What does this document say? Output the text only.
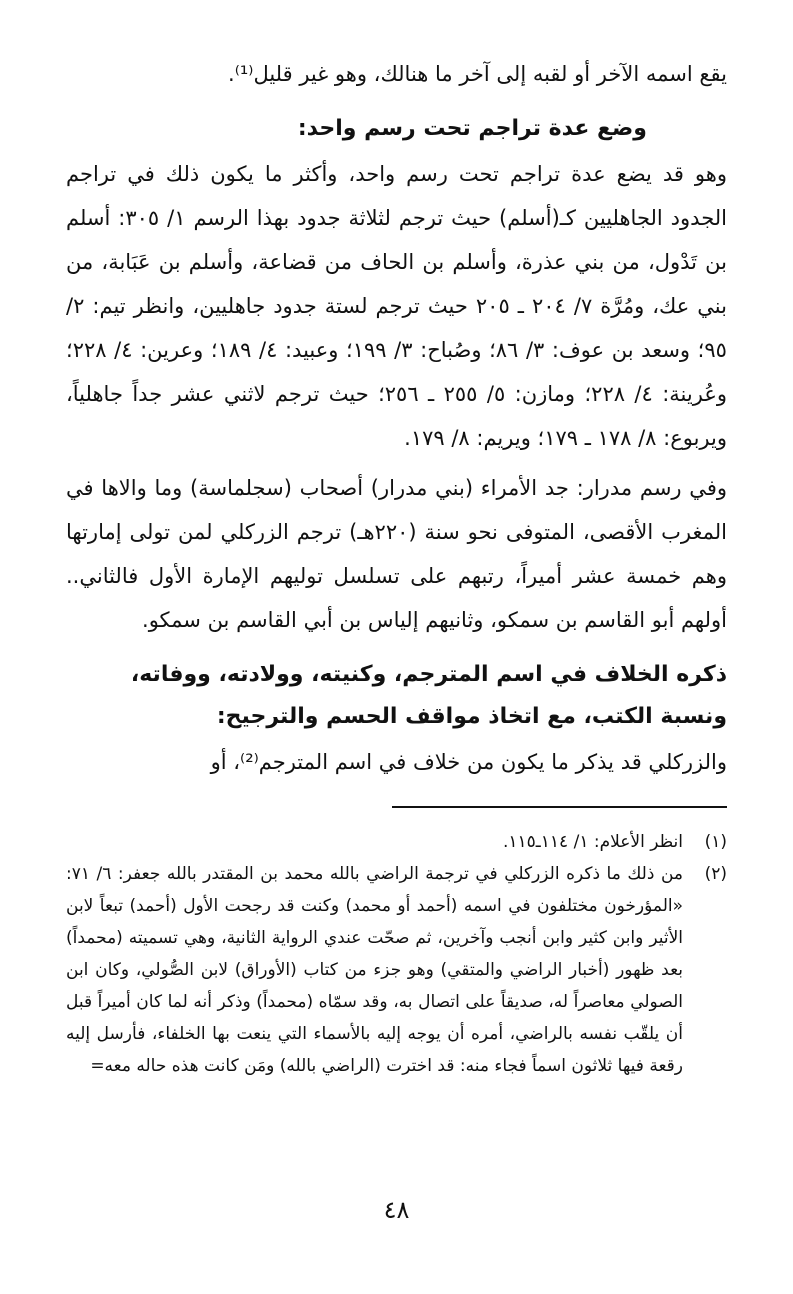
يقع اسمه الآخر أو لقبه إلى آخر ما هنالك، وهو غير قليل⁽¹⁾.

وضع عدة تراجم تحت رسم واحد:

وهو قد يضع عدة تراجم تحت رسم واحد، وأكثر ما يكون ذلك في تراجم الجدود الجاهليين كـ(أسلم) حيث ترجم لثلاثة جدود بهذا الرسم ١/ ٣٠٥: أسلم بن تَدْول، من بني عذرة، وأسلم بن الحاف من قضاعة، وأسلم بن عَبَابة، من بني عك، ومُرَّة ٧/ ٢٠٤ ـ ٢٠٥ حيث ترجم لستة جدود جاهليين، وانظر تيم: ٢/ ٩٥؛ وسعد بن عوف: ٣/ ٨٦؛ وصُباح: ٣/ ١٩٩؛ وعبيد: ٤/ ١٨٩؛ وعرين: ٤/ ٢٢٨؛ وعُرينة: ٤/ ٢٢٨؛ ومازن: ٥/ ٢٥٥ ـ ٢٥٦؛ حيث ترجم لاثني عشر جداً جاهلياً، ويربوع: ٨/ ١٧٨ ـ ١٧٩؛ ويريم: ٨/ ١٧٩.

وفي رسم مدرار: جد الأمراء (بني مدرار) أصحاب (سجلماسة) وما والاها في المغرب الأقصى، المتوفى نحو سنة (٢٢٠هـ) ترجم الزركلي لمن تولى إمارتها وهم خمسة عشر أميراً، رتبهم على تسلسل توليهم الإمارة الأول فالثاني.. أولهم أبو القاسم بن سمكو، وثانيهم إلياس بن أبي القاسم بن سمكو.

ذكره الخلاف في اسم المترجم، وكنيته، وولادته، ووفاته، ونسبة الكتب، مع اتخاذ مواقف الحسم والترجيح:

والزركلي قد يذكر ما يكون من خلاف في اسم المترجم⁽²⁾، أو

(١)
انظر الأعلام: ١/ ١١٤ـ١١٥.
(٢)
من ذلك ما ذكره الزركلي في ترجمة الراضي بالله محمد بن المقتدر بالله جعفر: ٦/ ٧١: «المؤرخون مختلفون في اسمه (أحمد أو محمد) وكنت قد رجحت الأول (أحمد) تبعاً لابن الأثير وابن كثير وابن أنجب وآخرين، ثم صحّت عندي الرواية الثانية، وهي تسميته (محمداً) بعد ظهور (أخبار الراضي والمتقي) وهو جزء من كتاب (الأوراق) لابن الصُّولي، وكان ابن الصولي معاصراً له، صديقاً على اتصال به، وقد سمّاه (محمداً) وذكر أنه لما كان أميراً قبل أن يلقّب نفسه بالراضي، أمره أن يوجه إليه بالأسماء التي ينعت بها الخلفاء، فأرسل إليه رقعة فيها ثلاثون اسماً فجاء منه: قد اخترت (الراضي بالله) ومَن كانت هذه حاله معه=
٤٨
